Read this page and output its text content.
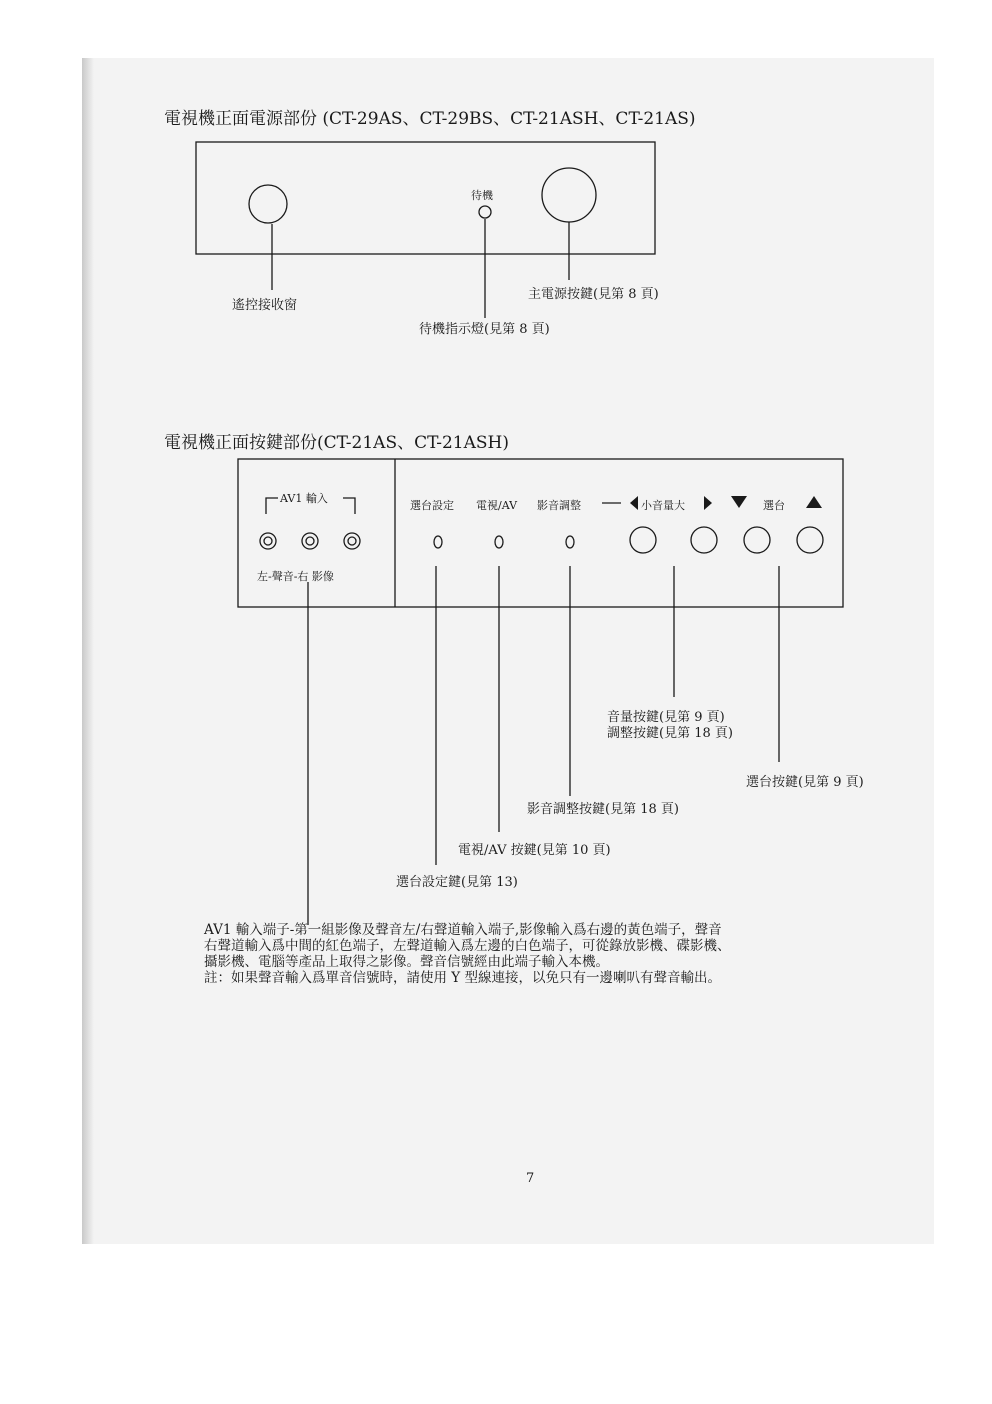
電視機正面電源部份 (CT-29AS、CT-29BS、CT-21ASH、CT-21AS)
待機
遙控接收窗
主電源按鍵(見第 8 頁)
待機指示燈(見第 8 頁)
電視機正面按鍵部份(CT-21AS、CT-21ASH)
AV1 輸入
左-聲音-右 影像
選台設定 電視/AV 影音調整	小音量大	選台
音量按鍵(見第 9 頁)
調整按鍵(見第 18 頁)
選台按鍵(見第 9 頁)
影音調整按鍵(見第 18 頁)
電視/AV 按鍵(見第 10 頁)
選台設定鍵(見第 13)
AV1 輸入端子-第一組影像及聲音左/右聲道輸入端子,影像輸入爲右邊的黃色端子，聲音
右聲道輸入爲中間的紅色端子，左聲道輸入爲左邊的白色端子，可從錄放影機、碟影機、
攝影機、電腦等產品上取得之影像。聲音信號經由此端子輸入本機。
註：如果聲音輸入爲單音信號時，請使用 Y 型線連接，以免只有一邊喇叭有聲音輸出。
7
